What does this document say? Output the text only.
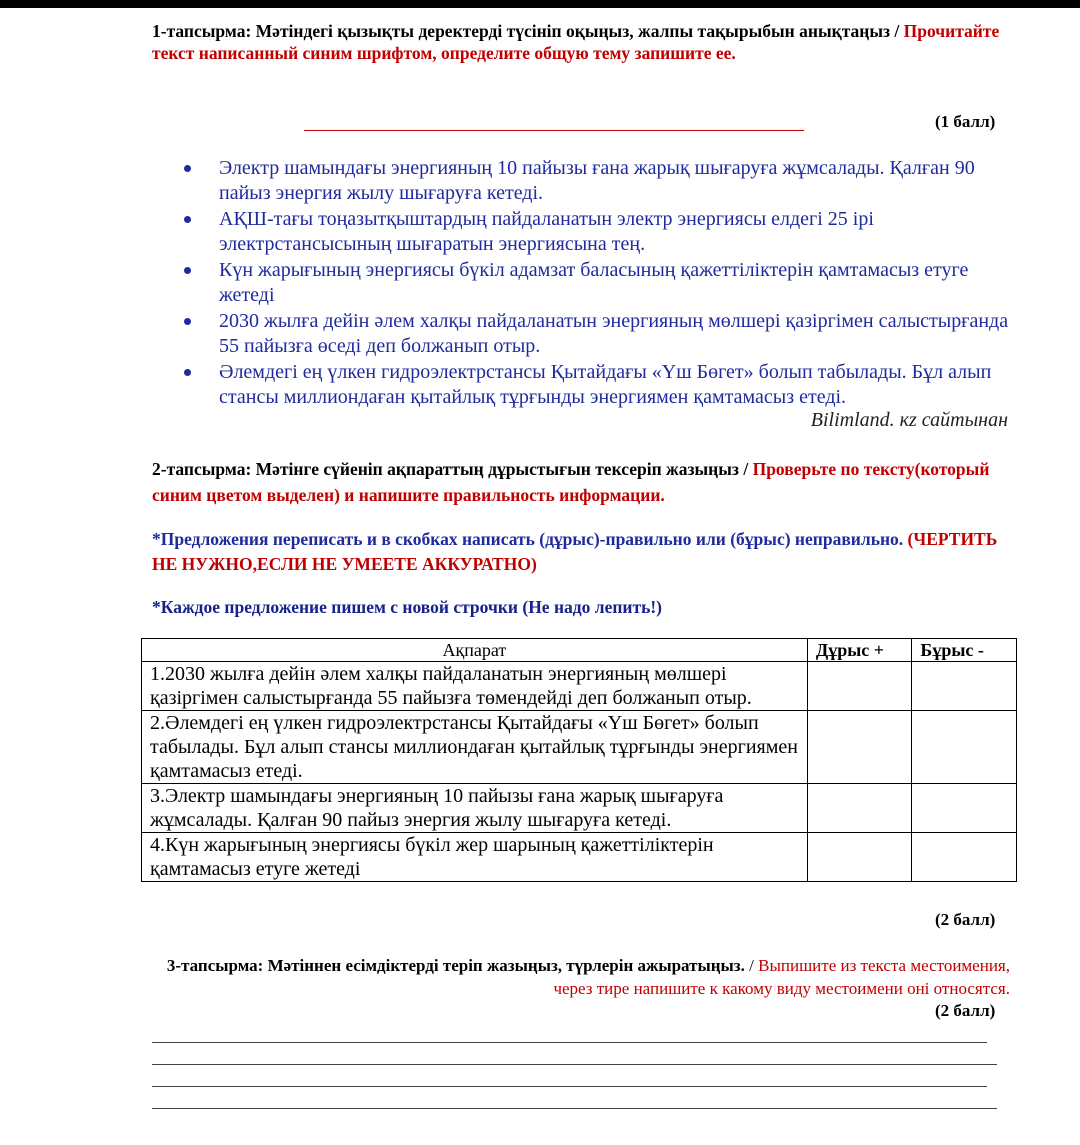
1-тапсырма: Мәтіндегі қызықты деректерді түсініп оқыңыз, жалпы тақырыбын анықтаңыз / Прочитайте текст написанный синим шрифтом, определите общую тему запишите ее.
(1 балл)
Электр шамындағы энергияның 10 пайызы ғана жарық шығаруға жұмсалады. Қалған 90 пайыз энергия жылу шығаруға кетеді.
АҚШ-тағы тоңазытқыштардың пайдаланатын электр энергиясы елдегі 25 ірі электрстансысының шығаратын энергиясына тең.
Күн жарығының энергиясы бүкіл адамзат баласының қажеттіліктерін қамтамасыз етуге жетеді
2030 жылға дейін әлем халқы пайдаланатын энергияның мөлшері қазіргімен салыстырғанда 55 пайызға өседі деп болжанып отыр.
Әлемдегі ең үлкен гидроэлектрстансы Қытайдағы «Үш Бөгет» болып табылады. Бұл алып стансы миллиондаған қытайлық тұрғынды энергиямен қамтамасыз етеді.
Bilimland. кz сайтынан
2-тапсырма: Мәтінге сүйеніп ақпараттың дұрыстығын тексеріп жазыңыз / Проверьте по тексту(который синим цветом выделен) и напишите правильность информации.
*Предложения переписать и в скобках написать (дұрыс)-правильно или (бұрыс) неправильно. (ЧЕРТИТЬ НЕ НУЖНО,ЕСЛИ НЕ УМЕЕТЕ АККУРАТНО)
*Каждое предложение пишем с новой строчки (Не надо лепить!)
Ақпарат	Дұрыс +	Бұрыс -
1.2030 жылға дейін әлем халқы пайдаланатын энергияның мөлшері қазіргімен салыстырғанда 55 пайызға төмендейді деп болжанып отыр.		
2.Әлемдегі ең үлкен гидроэлектрстансы Қытайдағы «Үш Бөгет» болып табылады. Бұл алып стансы миллиондаған қытайлық тұрғынды энергиямен қамтамасыз етеді.		
3.Электр шамындағы энергияның 10 пайызы ғана жарық шығаруға жұмсалады. Қалған 90 пайыз энергия жылу шығаруға кетеді.		
4.Күн жарығының энергиясы бүкіл жер шарының қажеттіліктерін қамтамасыз етуге жетеді		
(2 балл)
3-тапсырма: Мәтіннен есімдіктерді теріп жазыңыз, түрлерін ажыратыңыз. / Выпишите из текста местоимения, через тире напишите к какому виду местоимени оні относятся.
(2 балл)
